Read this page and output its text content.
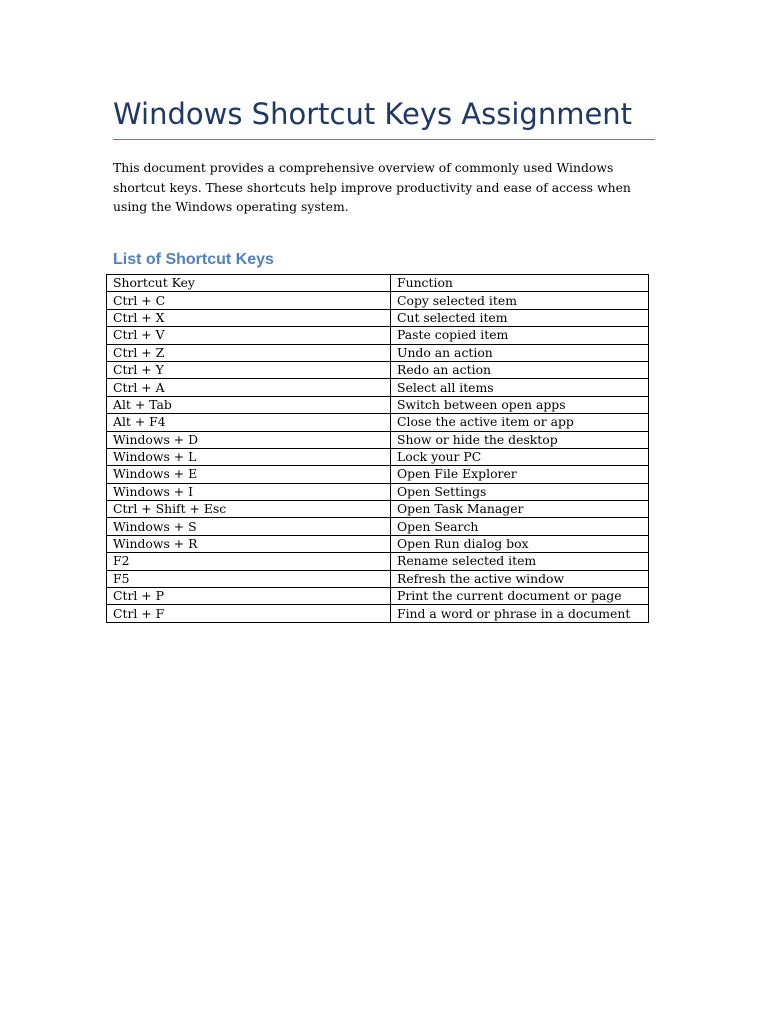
Windows Shortcut Keys Assignment

This document provides a comprehensive overview of commonly used Windows shortcut keys. These shortcuts help improve productivity and ease of access when using the Windows operating system.

List of Shortcut Keys
Shortcut Key	Function
Ctrl + C	Copy selected item
Ctrl + X	Cut selected item
Ctrl + V	Paste copied item
Ctrl + Z	Undo an action
Ctrl + Y	Redo an action
Ctrl + A	Select all items
Alt + Tab	Switch between open apps
Alt + F4	Close the active item or app
Windows + D	Show or hide the desktop
Windows + L	Lock your PC
Windows + E	Open File Explorer
Windows + I	Open Settings
Ctrl + Shift + Esc	Open Task Manager
Windows + S	Open Search
Windows + R	Open Run dialog box
F2	Rename selected item
F5	Refresh the active window
Ctrl + P	Print the current document or page
Ctrl + F	Find a word or phrase in a document
